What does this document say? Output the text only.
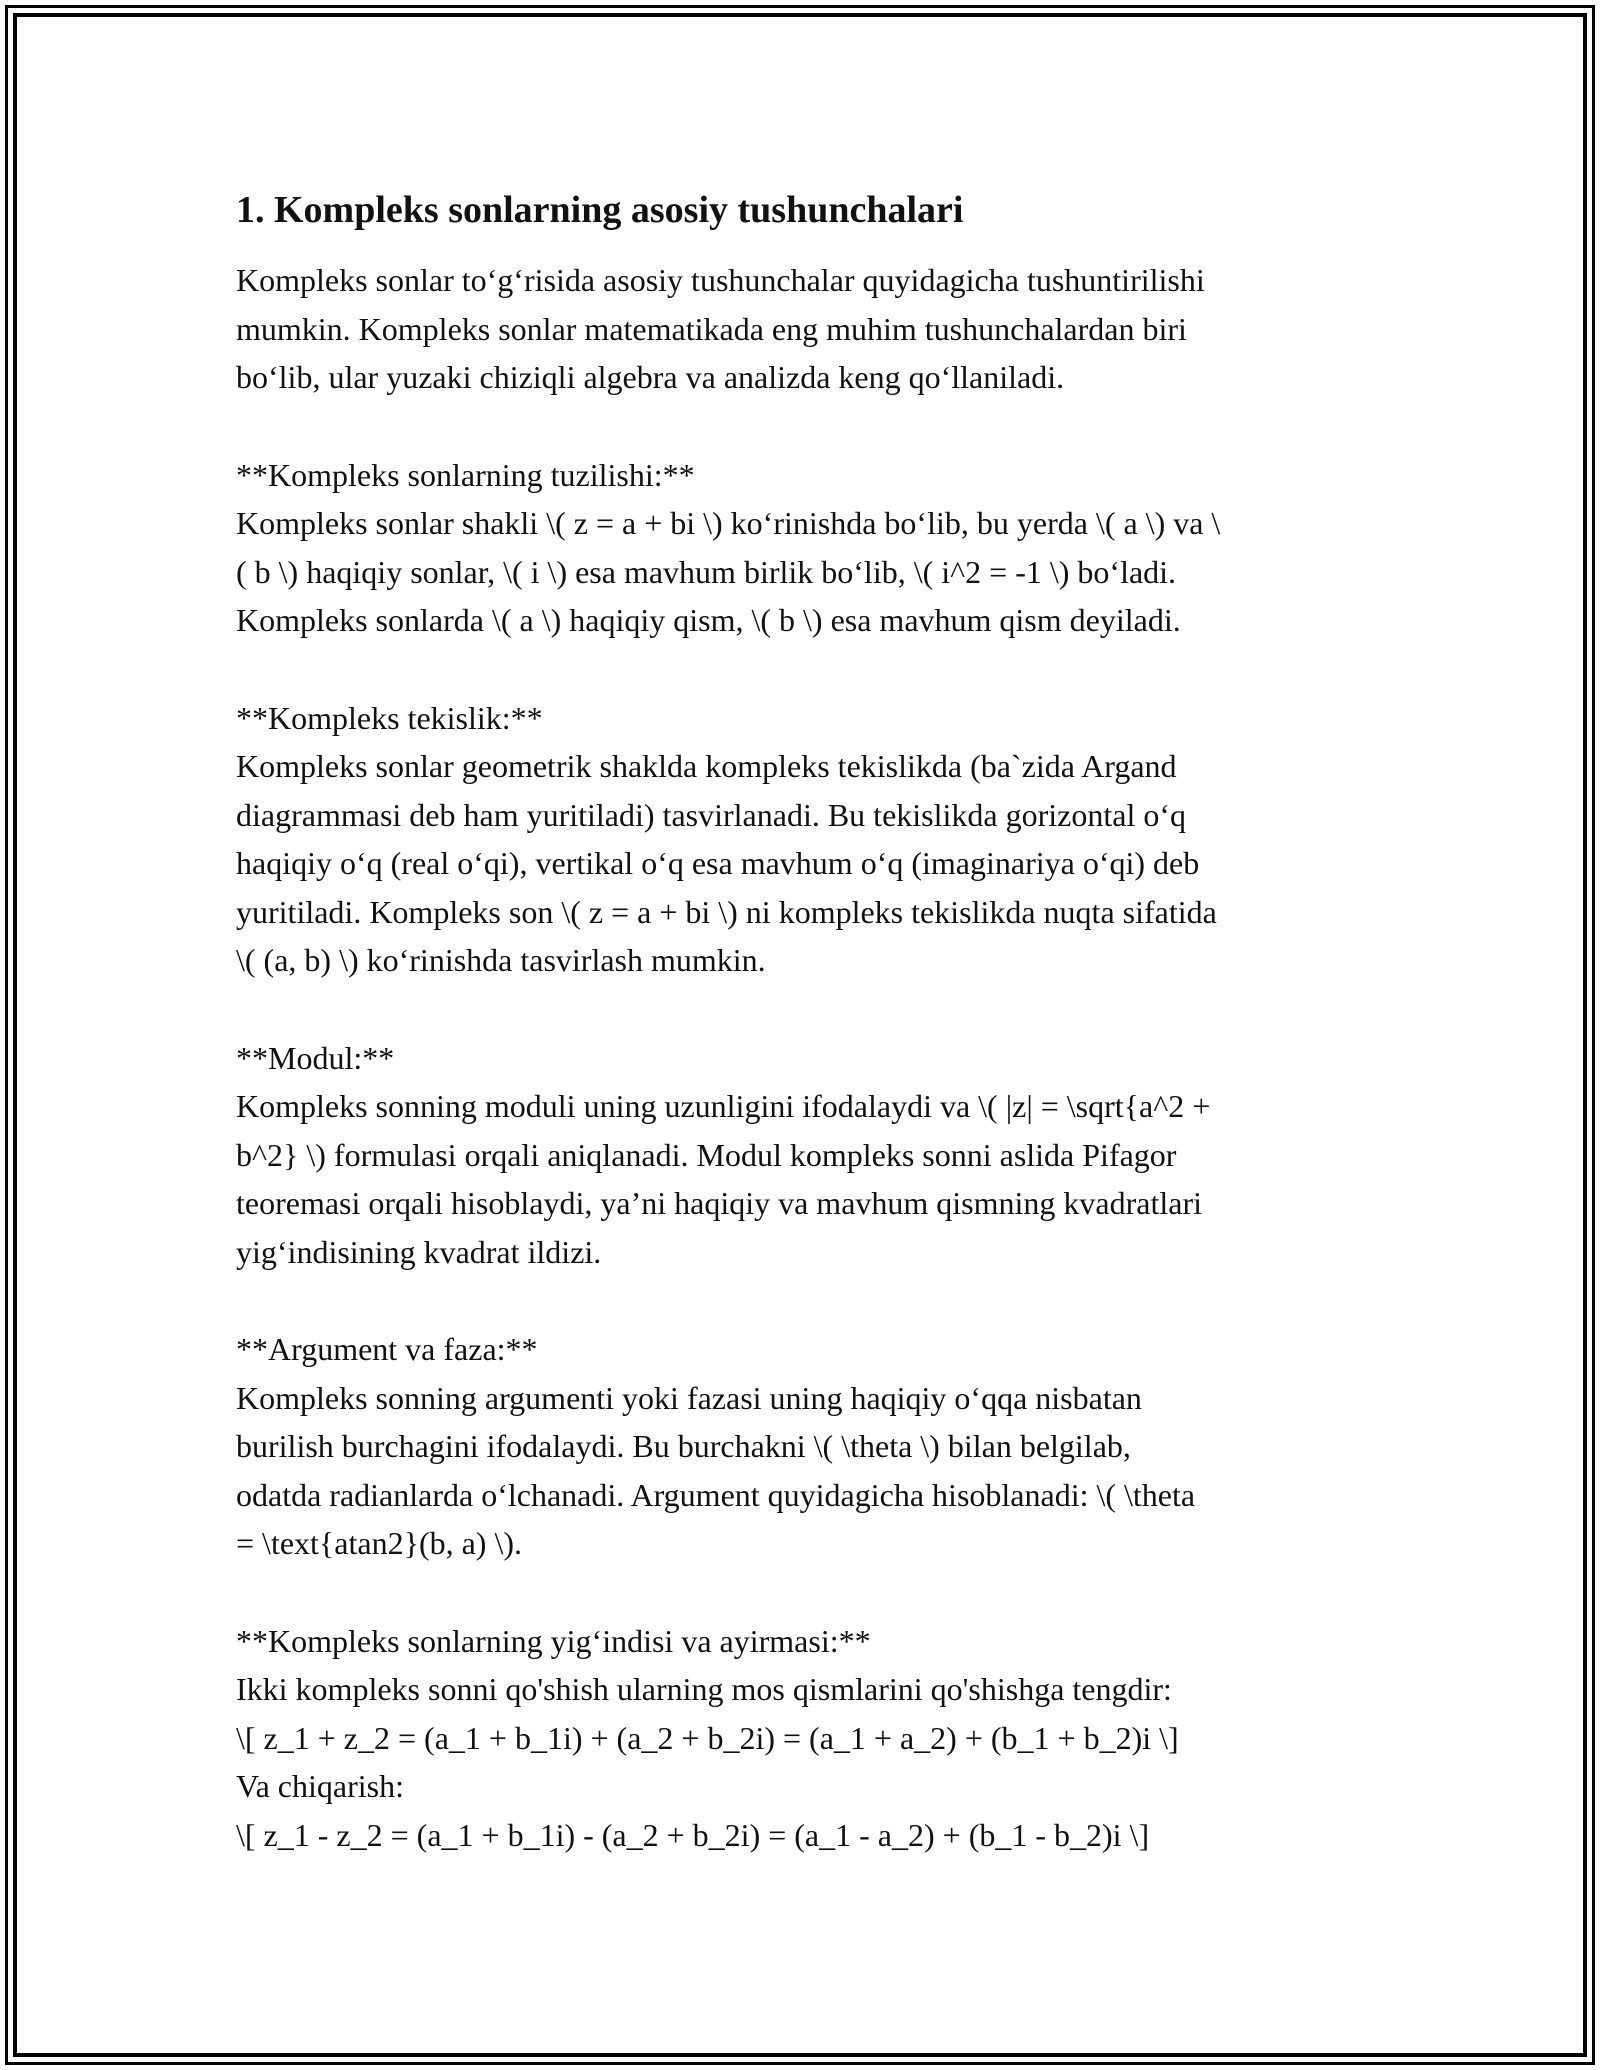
1. Kompleks sonlarning asosiy tushunchalari

Kompleks sonlar to‘g‘risida asosiy tushunchalar quyidagicha tushuntirilishi
mumkin. Kompleks sonlar matematikada eng muhim tushunchalardan biri
bo‘lib, ular yuzaki chiziqli algebra va analizda keng qo‘llaniladi.

**Kompleks sonlarning tuzilishi:**
Kompleks sonlar shakli \( z = a + bi \) ko‘rinishda bo‘lib, bu yerda \( a \) va \
( b \) haqiqiy sonlar, \( i \) esa mavhum birlik bo‘lib, \( i^2 = -1 \) bo‘ladi.
Kompleks sonlarda \( a \) haqiqiy qism, \( b \) esa mavhum qism deyiladi.

**Kompleks tekislik:**
Kompleks sonlar geometrik shaklda kompleks tekislikda (ba`zida Argand
diagrammasi deb ham yuritiladi) tasvirlanadi. Bu tekislikda gorizontal o‘q
haqiqiy o‘q (real o‘qi), vertikal o‘q esa mavhum o‘q (imaginariya o‘qi) deb
yuritiladi. Kompleks son \( z = a + bi \) ni kompleks tekislikda nuqta sifatida
\( (a, b) \) ko‘rinishda tasvirlash mumkin.

**Modul:**
Kompleks sonning moduli uning uzunligini ifodalaydi va \( |z| = \sqrt{a^2 +
b^2} \) formulasi orqali aniqlanadi. Modul kompleks sonni aslida Pifagor
teoremasi orqali hisoblaydi, ya’ni haqiqiy va mavhum qismning kvadratlari
yig‘indisining kvadrat ildizi.

**Argument va faza:**
Kompleks sonning argumenti yoki fazasi uning haqiqiy o‘qqa nisbatan
burilish burchagini ifodalaydi. Bu burchakni \( \theta \) bilan belgilab,
odatda radianlarda o‘lchanadi. Argument quyidagicha hisoblanadi: \( \theta
= \text{atan2}(b, a) \).

**Kompleks sonlarning yig‘indisi va ayirmasi:**
Ikki kompleks sonni qo'shish ularning mos qismlarini qo'shishga tengdir:
\[ z_1 + z_2 = (a_1 + b_1i) + (a_2 + b_2i) = (a_1 + a_2) + (b_1 + b_2)i \]
Va chiqarish:
\[ z_1 - z_2 = (a_1 + b_1i) - (a_2 + b_2i) = (a_1 - a_2) + (b_1 - b_2)i \]
